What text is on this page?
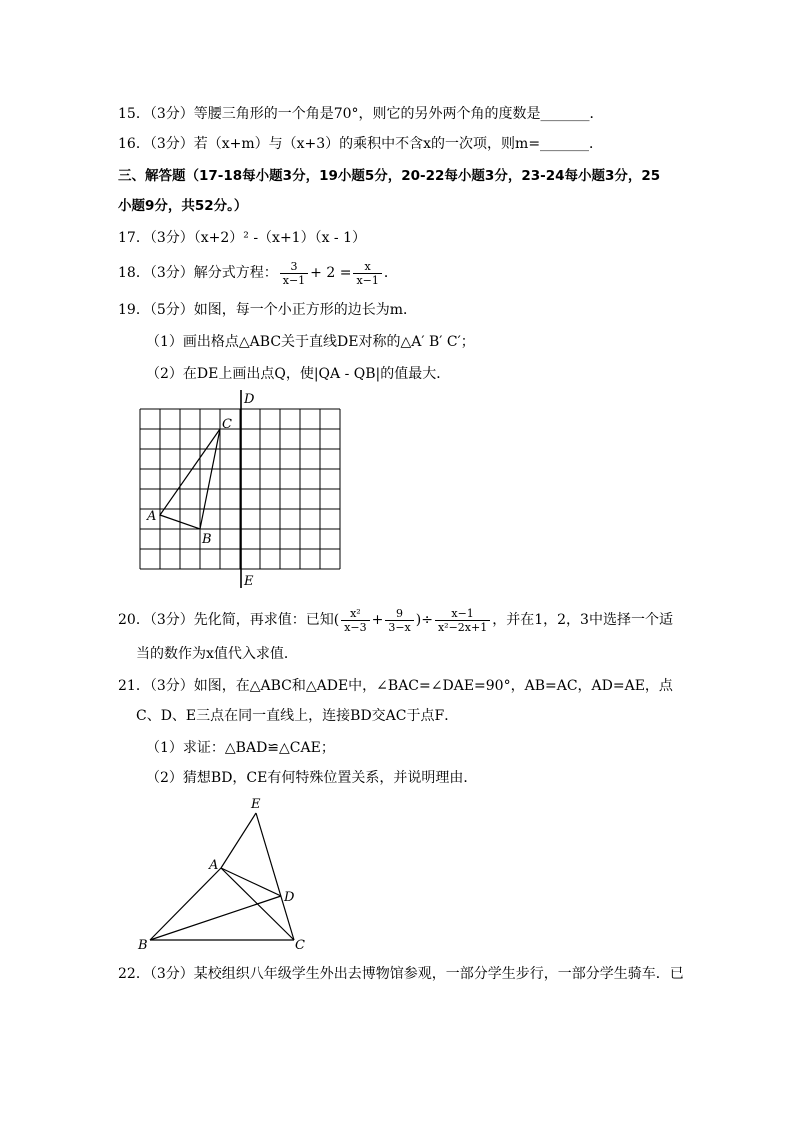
15．（3分）等腰三角形的一个角是70°，则它的另外两个角的度数是_______．
16．（3分）若（x+m）与（x+3）的乘积中不含x的一次项，则m=_______．
三、解答题（17-18每小题3分，19小题5分，20-22每小题3分，23-24每小题3分，25
小题9分，共52分。）
17．（3分）（x+2）² -（x+1）（x - 1）
18．（3分）解分式方程： $\frac{3}{x-1} + 2 = \frac{x}{x-1}$ ．
19．（5分）如图，每一个小正方形的边长为m．
（1）画出格点△ABC关于直线DE对称的△A′ B′ C′；
（2）在DE上画出点Q，使|QA - QB|的值最大．
D
E
C
A
B
20．（3分）先化简，再求值：已知( $\frac{\text{x²}}{x-3} + \frac{9}{3-x}$ )÷ $\frac{x-1}{\text{x²−2x+1}}$ ，并在1，2，3中选择一个适
当的数作为x值代入求值．
21．（3分）如图，在△ABC和△ADE中，∠BAC=∠DAE=90°，AB=AC，AD=AE，点
C、D、E三点在同一直线上，连接BD交AC于点F．
（1）求证：△BAD≌△CAE；
（2）猜想BD，CE有何特殊位置关系，并说明理由．
E
A
D
B	C
22．（3分）某校组织八年级学生外出去博物馆参观，一部分学生步行，一部分学生骑车．已
